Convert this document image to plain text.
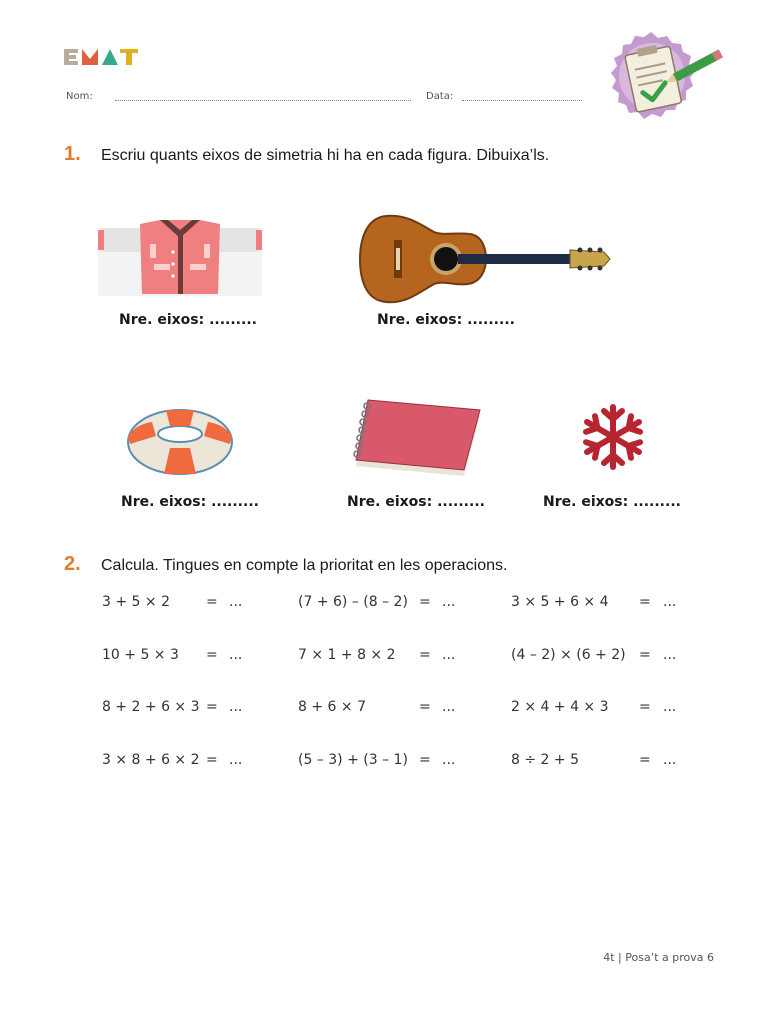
Nom:	Data:
1. Escriu quants eixos de simetria hi ha en cada figura. Dibuixa’ls.
Nre. eixos: .........	Nre. eixos: .........
Nre. eixos: .........	Nre. eixos: .........	Nre. eixos: .........
2. Calcula. Tingues en compte la prioritat en les operacions.
3 + 5 × 2	= ...	(7 + 6) – (8 – 2) = ...	3 × 5 + 6 × 4 = ...
10 + 5 × 3 = ...	7 × 1 + 8 × 2 = ...	(4 – 2) × (6 + 2) = ...
8 + 2 + 6 × 3 = ...	8 + 6 × 7	= ...	2 × 4 + 4 × 3 = ...
3 × 8 + 6 × 2 = ...	(5 – 3) + (3 – 1) = ...	8 ÷ 2 + 5	= ...
4t | Posa’t a prova 6
